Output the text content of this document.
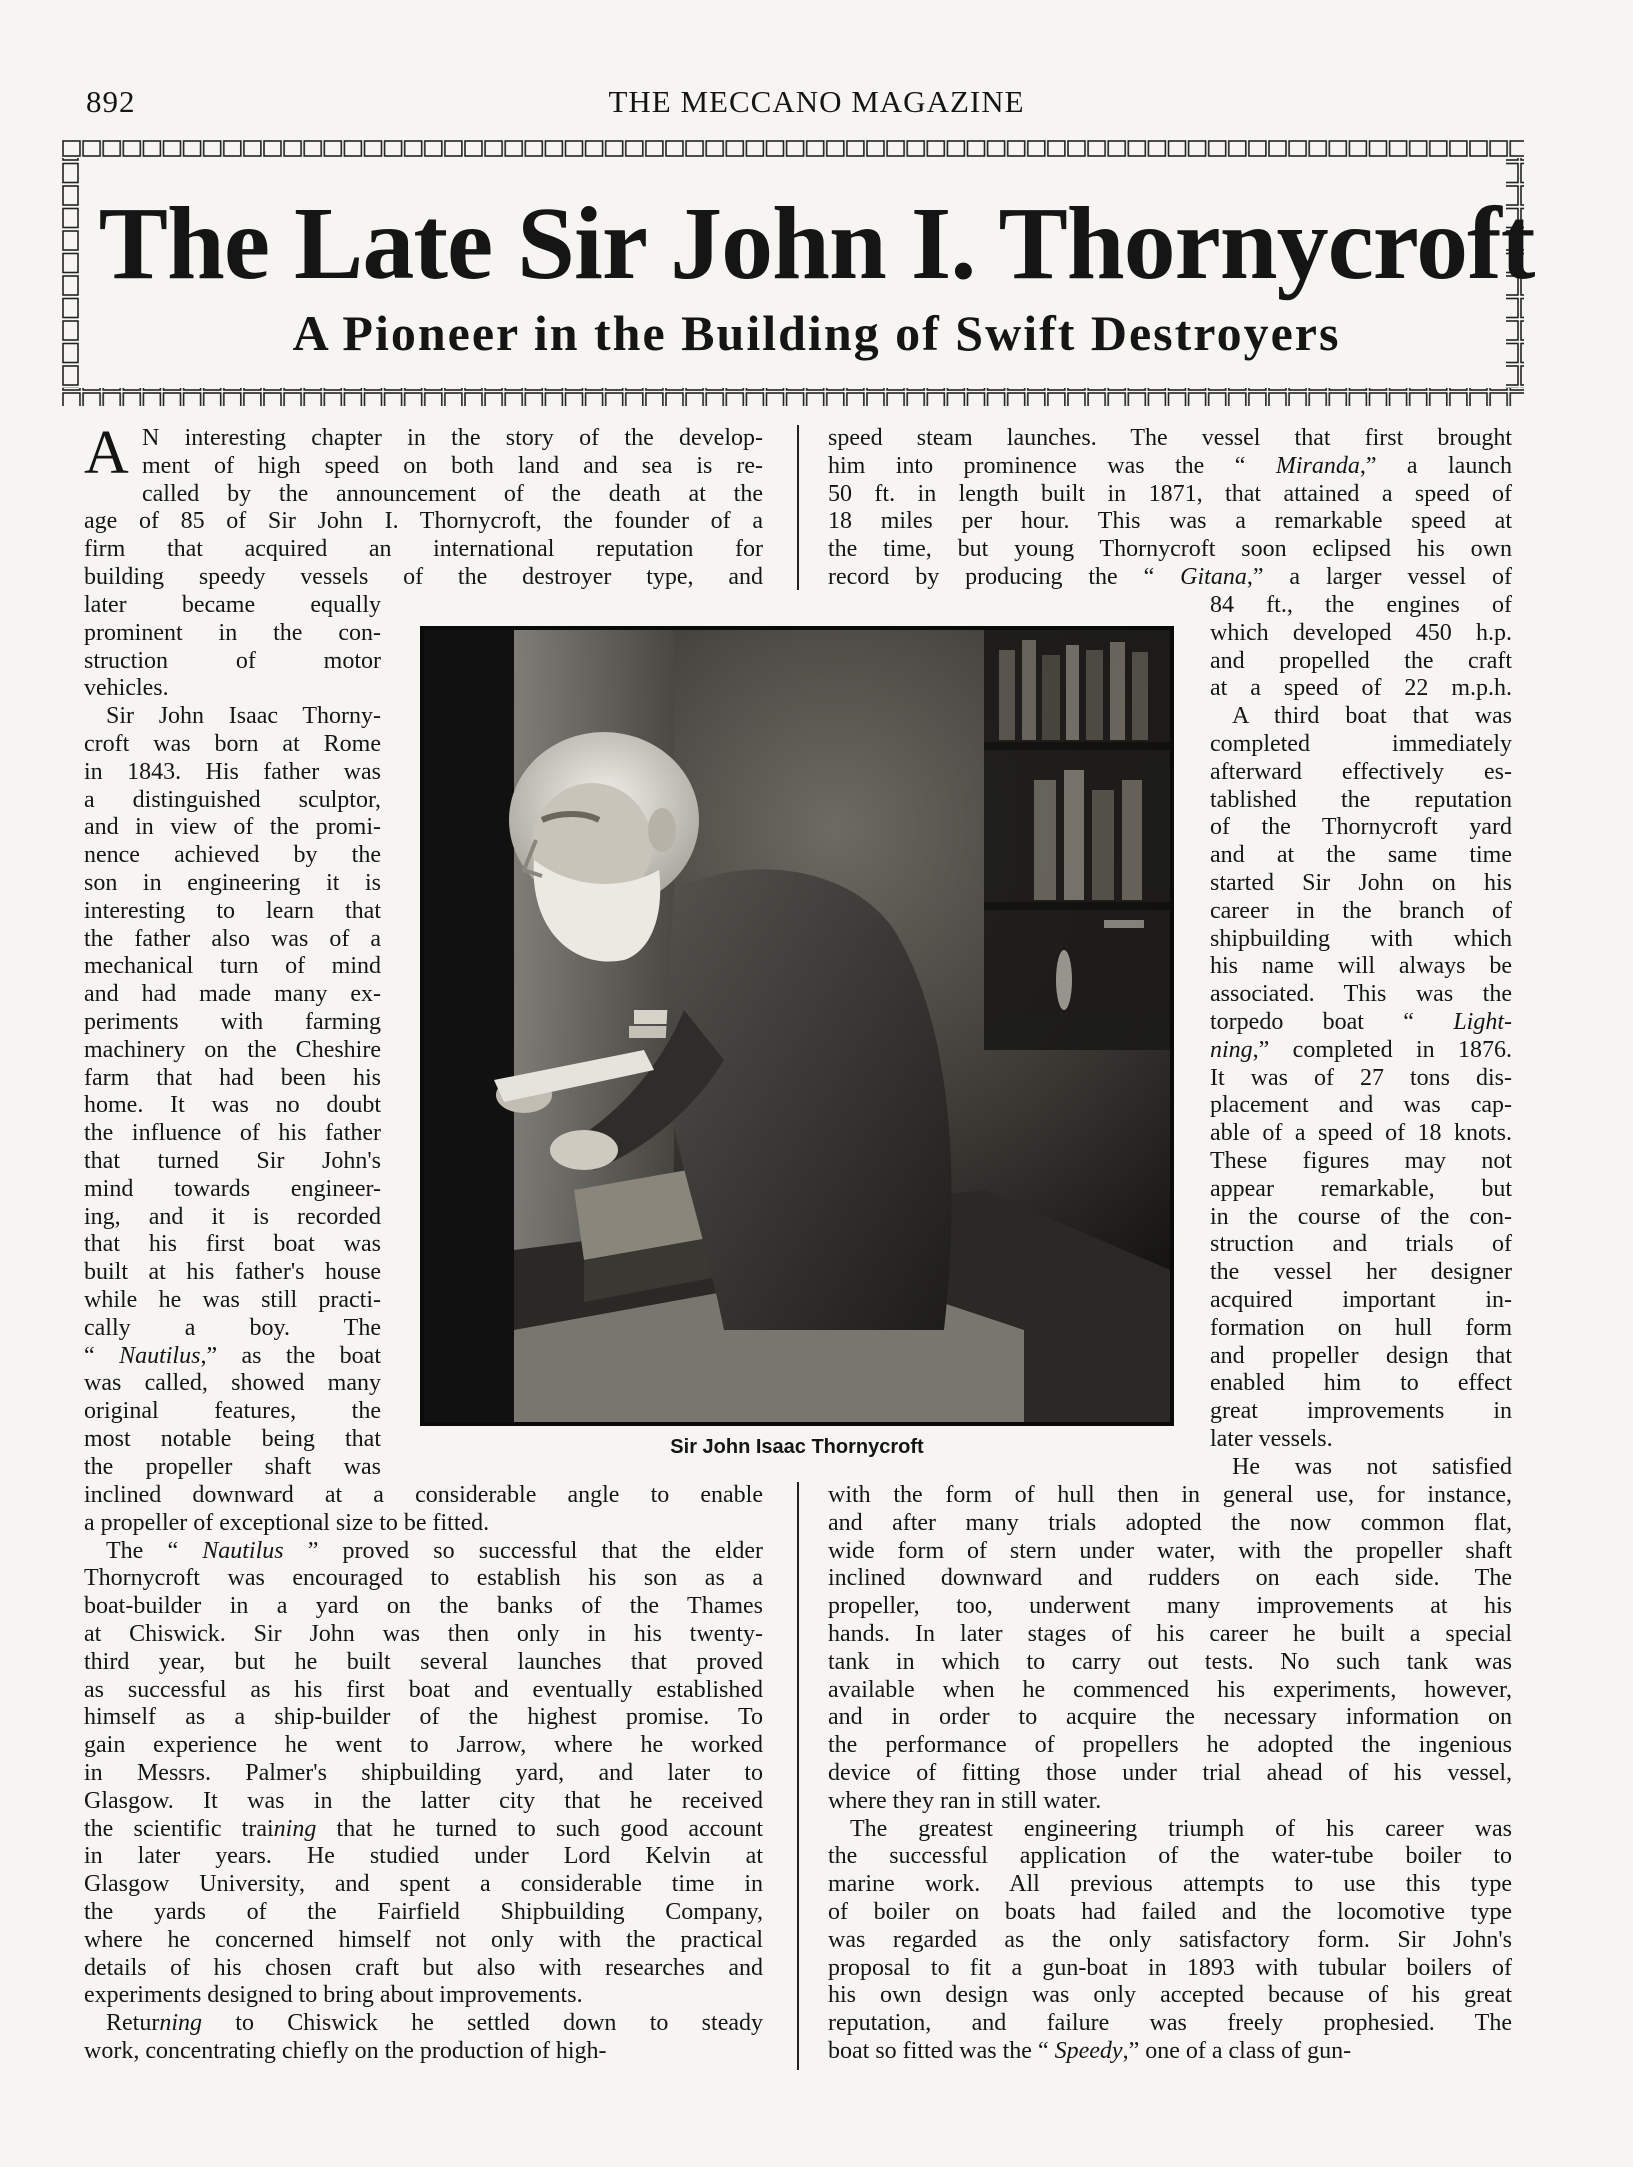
892	THE MECCANO MAGAZINE
The Late Sir John I. Thornycroft
A Pioneer in the Building of Swift Destroyers
A N interesting chapter in the story of the develop-
ment of high speed on both land and sea is re-
called by the announcement of the death at the
age of 85 of Sir John I. Thornycroft, the founder of a
firm that acquired an international reputation for
building speedy vessels of the destroyer type, and
later became equally
prominent in the con-
struction of motor
vehicles.
Sir John Isaac Thorny-
croft was born at Rome
in 1843. His father was
a distinguished sculptor,
and in view of the promi-
nence achieved by the
son in engineering it is
interesting to learn that
the father also was of a
mechanical turn of mind
and had made many ex-
periments with farming
machinery on the Cheshire
farm that had been his
home. It was no doubt
the influence of his father
that turned Sir John's
mind towards engineer-
ing, and it is recorded
that his first boat was
built at his father's house
while he was still practi-
cally a boy. The
“ Nautilus,” as the boat
was called, showed many
original features, the
most notable being that
the propeller shaft was
inclined downward at a considerable angle to enable
a propeller of exceptional size to be fitted.
The “ Nautilus ” proved so successful that the elder
Thornycroft was encouraged to establish his son as a
boat-builder in a yard on the banks of the Thames
at Chiswick. Sir John was then only in his twenty-
third year, but he built several launches that proved
as successful as his first boat and eventually established
himself as a ship-builder of the highest promise. To
gain experience he went to Jarrow, where he worked
in Messrs. Palmer's shipbuilding yard, and later to
Glasgow. It was in the latter city that he received
the scientific training that he turned to such good account
in later years. He studied under Lord Kelvin at
Glasgow University, and spent a considerable time in
the yards of the Fairfield Shipbuilding Company,
where he concerned himself not only with the practical
details of his chosen craft but also with researches and
experiments designed to bring about improvements.
Returning to Chiswick he settled down to steady
work, concentrating chiefly on the production of high-
speed steam launches. The vessel that first brought
him into prominence was the “ Miranda,” a launch
50 ft. in length built in 1871, that attained a speed of
18 miles per hour. This was a remarkable speed at
the time, but young Thornycroft soon eclipsed his own
record by producing the “ Gitana,” a larger vessel of
84 ft., the engines of
which developed 450 h.p.
and propelled the craft
at a speed of 22 m.p.h.
A third boat that was
completed immediately
afterward effectively es-
tablished the reputation
of the Thornycroft yard
and at the same time
started Sir John on his
career in the branch of
shipbuilding with which
his name will always be
associated. This was the
torpedo boat “ Light-
ning,” completed in 1876.
It was of 27 tons dis-
placement and was cap-
able of a speed of 18 knots.
These figures may not
appear remarkable, but
in the course of the con-
struction and trials of
the vessel her designer
acquired important in-
formation on hull form
and propeller design that
enabled him to effect
great improvements in
later vessels.
He was not satisfied
with the form of hull then in general use, for instance,
and after many trials adopted the now common flat,
wide form of stern under water, with the propeller shaft
inclined downward and rudders on each side. The
propeller, too, underwent many improvements at his
hands. In later stages of his career he built a special
tank in which to carry out tests. No such tank was
available when he commenced his experiments, however,
and in order to acquire the necessary information on
the performance of propellers he adopted the ingenious
device of fitting those under trial ahead of his vessel,
where they ran in still water.
The greatest engineering triumph of his career was
the successful application of the water-tube boiler to
marine work. All previous attempts to use this type
of boiler on boats had failed and the locomotive type
was regarded as the only satisfactory form. Sir John's
proposal to fit a gun-boat in 1893 with tubular boilers of
his own design was only accepted because of his great
reputation, and failure was freely prophesied. The
boat so fitted was the “ Speedy,” one of a class of gun-
Sir John Isaac Thornycroft
